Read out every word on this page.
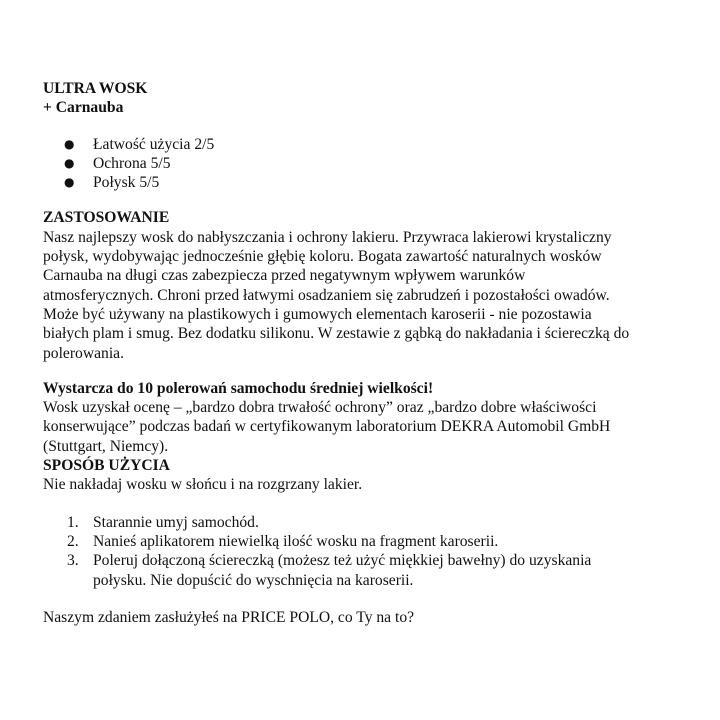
ULTRA WOSK
+ Carnauba
● Łatwość użycia 2/5
● Ochrona 5/5
● Połysk 5/5
ZASTOSOWANIE

Nasz najlepszy wosk do nabłyszczania i ochrony lakieru. Przywraca lakierowi krystaliczny
połysk, wydobywając jednocześnie głębię koloru. Bogata zawartość naturalnych wosków
Carnauba na długi czas zabezpiecza przed negatywnym wpływem warunków
atmosferycznych. Chroni przed łatwymi osadzaniem się zabrudzeń i pozostałości owadów.
Może być używany na plastikowych i gumowych elementach karoserii - nie pozostawia
białych plam i smug. Bez dodatku silikonu. W zestawie z gąbką do nakładania i ściereczką do
polerowania.

Wystarcza do 10 polerowań samochodu średniej wielkości!

Wosk uzyskał ocenę – „bardzo dobra trwałość ochrony” oraz „bardzo dobre właściwości
konserwujące” podczas badań w certyfikowanym laboratorium DEKRA Automobil GmbH
(Stuttgart, Niemcy).

SPOSÓB UŻYCIA
Nie nakładaj wosku w słońcu i na rozgrzany lakier.
1. Starannie umyj samochód.
2. Nanieś aplikatorem niewielką ilość wosku na fragment karoserii.
3. Poleruj dołączoną ściereczką (możesz też użyć miękkiej bawełny) do uzyskania
połysku. Nie dopuścić do wyschnięcia na karoserii.

Naszym zdaniem zasłużyłeś na PRICE POLO, co Ty na to?
